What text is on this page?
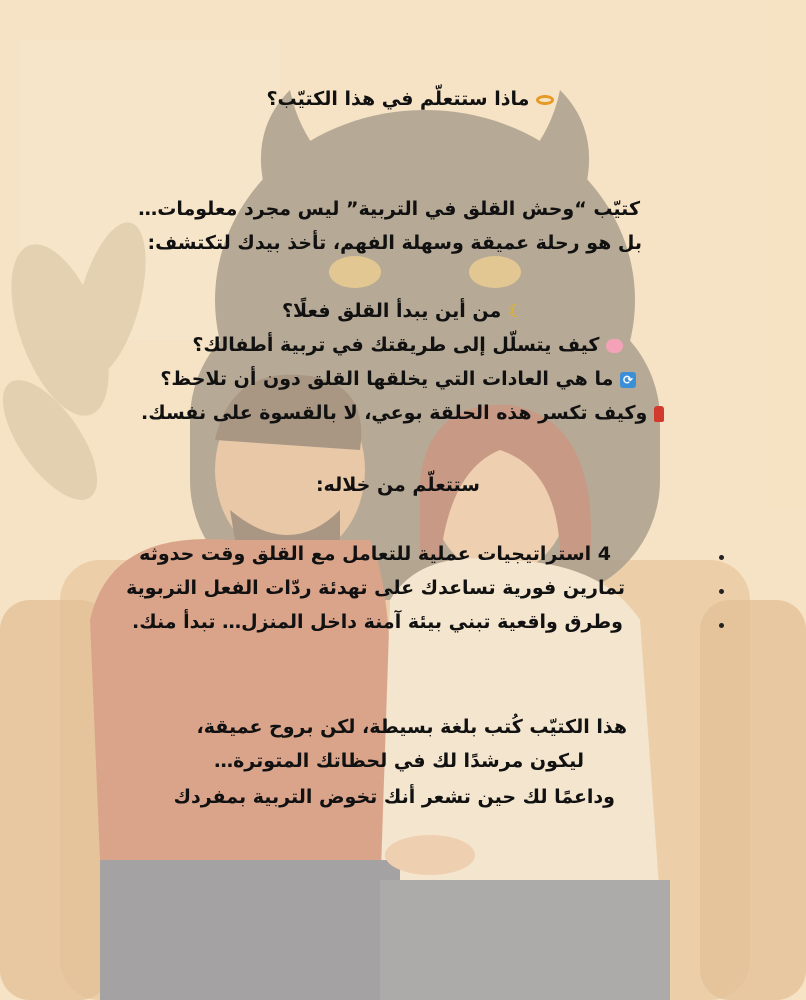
ماذا ستتعلّم في هذا الكتيّب؟
كتيّب “وحش القلق في التربية” ليس مجرد معلومات…
بل هو رحلة عميقة وسهلة الفهم، تأخذ بيدك لتكتشف:
☾ من أين يبدأ القلق فعلًا؟
كيف يتسلّل إلى طريقتك في تربية أطفالك؟
⟳ ما هي العادات التي يخلقها القلق دون أن تلاحظ؟
وكيف تكسر هذه الحلقة بوعي، لا بالقسوة على نفسك.
ستتعلّم من خلاله:
4 استراتيجيات عملية للتعامل مع القلق وقت حدوثه
تمارين فورية تساعدك على تهدئة ردّات الفعل التربوية
وطرق واقعية تبني بيئة آمنة داخل المنزل… تبدأ منك.
هذا الكتيّب كُتب بلغة بسيطة، لكن بروح عميقة،
ليكون مرشدًا لك في لحظاتك المتوترة…
وداعمًا لك حين تشعر أنك تخوض التربية بمفردك
